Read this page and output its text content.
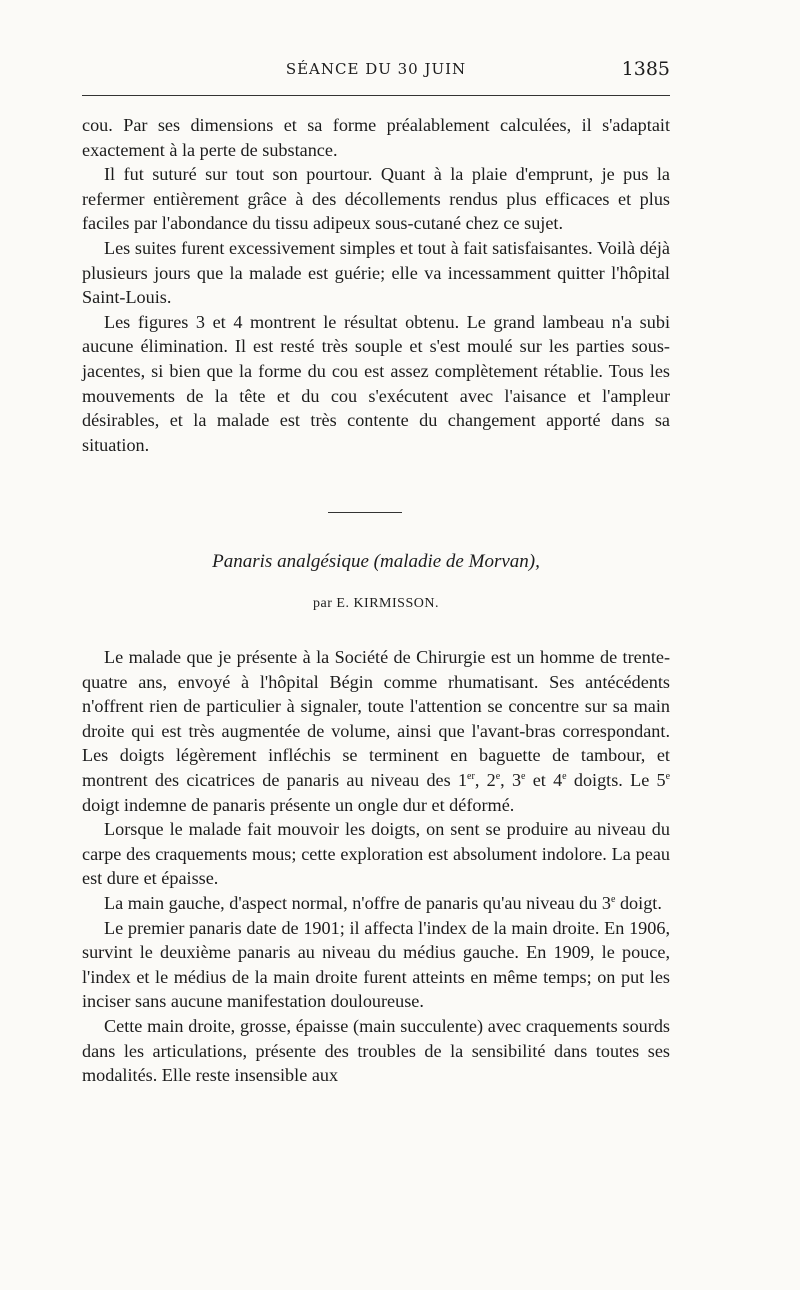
SÉANCE DU 30 JUIN	1385

cou. Par ses dimensions et sa forme préalablement calculées, il s'adaptait exactement à la perte de substance.

Il fut suturé sur tout son pourtour. Quant à la plaie d'emprunt, je pus la refermer entièrement grâce à des décollements rendus plus efficaces et plus faciles par l'abondance du tissu adipeux sous-cutané chez ce sujet.

Les suites furent excessivement simples et tout à fait satisfaisantes. Voilà déjà plusieurs jours que la malade est guérie; elle va incessamment quitter l'hôpital Saint-Louis.

Les figures 3 et 4 montrent le résultat obtenu. Le grand lambeau n'a subi aucune élimination. Il est resté très souple et s'est moulé sur les parties sous-jacentes, si bien que la forme du cou est assez complètement rétablie. Tous les mouvements de la tête et du cou s'exécutent avec l'aisance et l'ampleur désirables, et la malade est très contente du changement apporté dans sa situation.

Panaris analgésique (maladie de Morvan),
par E. KIRMISSON.

Le malade que je présente à la Société de Chirurgie est un homme de trente-quatre ans, envoyé à l'hôpital Bégin comme rhumatisant. Ses antécédents n'offrent rien de particulier à signaler, toute l'attention se concentre sur sa main droite qui est très augmentée de volume, ainsi que l'avant-bras correspondant. Les doigts légèrement infléchis se terminent en baguette de tambour, et montrent des cicatrices de panaris au niveau des 1er, 2e, 3e et 4e doigts. Le 5e doigt indemne de panaris présente un ongle dur et déformé.

Lorsque le malade fait mouvoir les doigts, on sent se produire au niveau du carpe des craquements mous; cette exploration est absolument indolore. La peau est dure et épaisse.

La main gauche, d'aspect normal, n'offre de panaris qu'au niveau du 3e doigt.

Le premier panaris date de 1901; il affecta l'index de la main droite. En 1906, survint le deuxième panaris au niveau du médius gauche. En 1909, le pouce, l'index et le médius de la main droite furent atteints en même temps; on put les inciser sans aucune manifestation douloureuse.

Cette main droite, grosse, épaisse (main succulente) avec craquements sourds dans les articulations, présente des troubles de la sensibilité dans toutes ses modalités. Elle reste insensible aux
